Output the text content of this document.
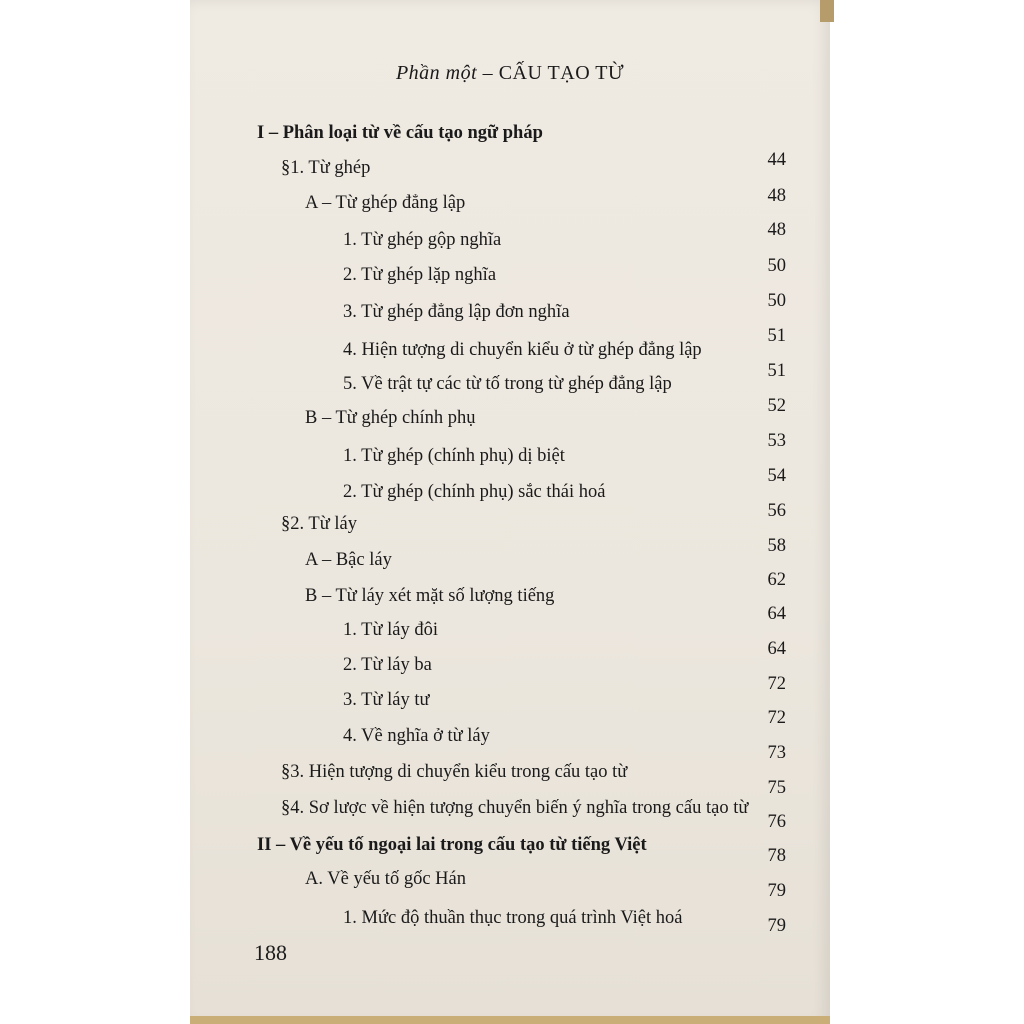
Phần một – CẤU TẠO TỪ
I – Phân loại từ về cấu tạo ngữ pháp
§1. Từ ghép
A – Từ ghép đẳng lập
1. Từ ghép gộp nghĩa
2. Từ ghép lặp nghĩa
3. Từ ghép đẳng lập đơn nghĩa
4. Hiện tượng di chuyển kiểu ở từ ghép đẳng lập
5. Về trật tự các từ tố trong từ ghép đẳng lập
B – Từ ghép chính phụ
1. Từ ghép (chính phụ) dị biệt
2. Từ ghép (chính phụ) sắc thái hoá
§2. Từ láy
A – Bậc láy
B – Từ láy xét mặt số lượng tiếng
1. Từ láy đôi
2. Từ láy ba
3. Từ láy tư
4. Về nghĩa ở từ láy
§3. Hiện tượng di chuyển kiểu trong cấu tạo từ
§4. Sơ lược về hiện tượng chuyển biến ý nghĩa trong cấu tạo từ
II – Về yếu tố ngoại lai trong cấu tạo từ tiếng Việt
A. Về yếu tố gốc Hán
1. Mức độ thuần thục trong quá trình Việt hoá
44
48
48
50
50
51
51
52
53
54
56
58
62
64
64
72
72
73
75
76
78
79
79
188
